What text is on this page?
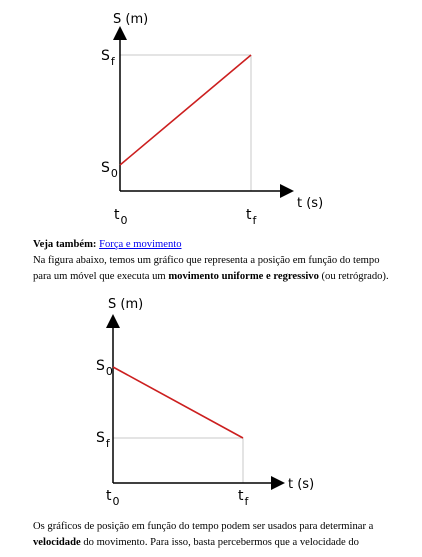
S (m)
t (s)
$S_f$
$S_0$
$t_0$	$t_f$

Veja também: Força e movimento

Na figura abaixo, temos um gráfico que representa a posição em função do tempo para um móvel que executa um movimento uniforme e regressivo (ou retrógrado).

S (m)
t (s)
$S_0$
$S_f$
$t_0$	$t_f$

Os gráficos de posição em função do tempo podem ser usados para determinar a velocidade do movimento. Para isso, basta percebermos que a velocidade do
